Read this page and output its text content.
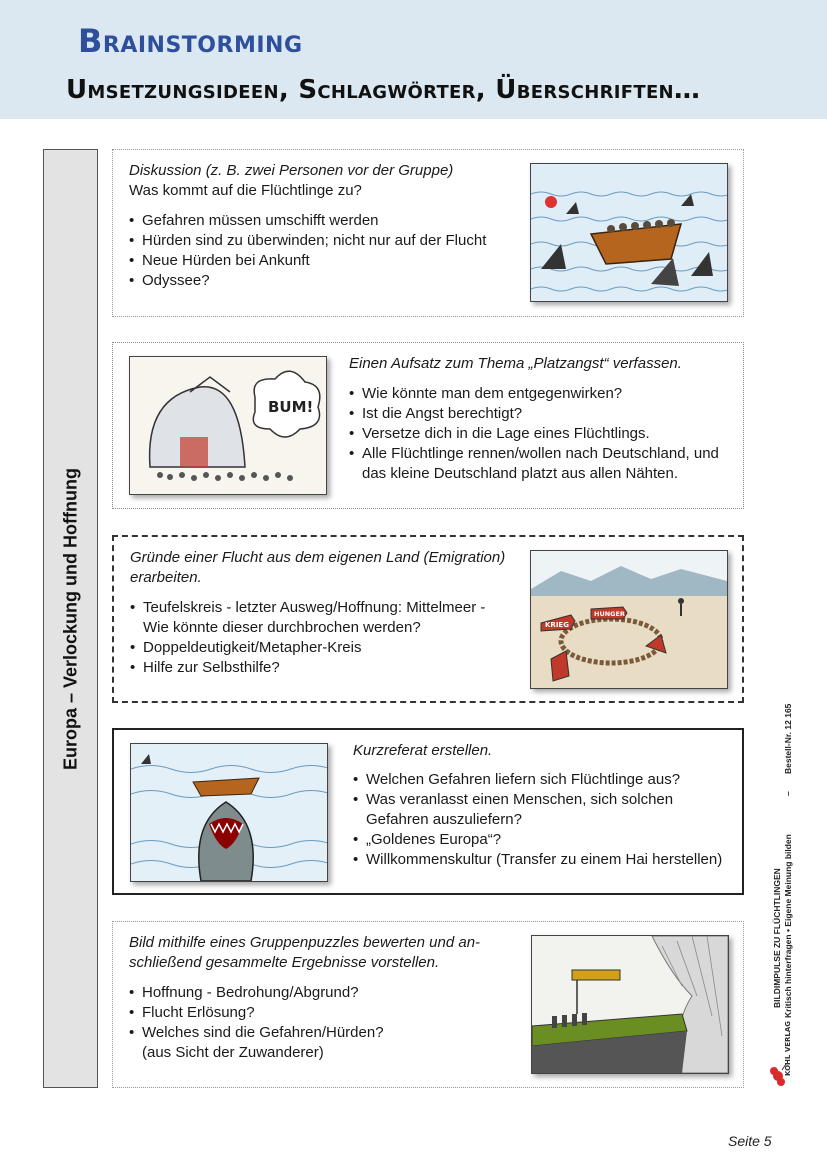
Brainstorming
Umsetzungsideen, Schlagwörter, Überschriften…
Europa – Verlockung und Hoffnung
Diskussion (z. B. zwei Personen vor der Gruppe)
Was kommt auf die Flüchtlinge zu?
• Gefahren müssen umschifft werden
• Hürden sind zu überwinden; nicht nur auf der Flucht
• Neue Hürden bei Ankunft
• Odyssee?
BUM!
Einen Aufsatz zum Thema „Platzangst“ verfassen.
• Wie könnte man dem entgegenwirken?
• Ist die Angst berechtigt?
• Versetze dich in die Lage eines Flüchtlings.
• Alle Flüchtlinge rennen/wollen nach Deutschland, und
das kleine Deutschland platzt aus allen Nähten.
Gründe einer Flucht aus dem eigenen Land (Emigration)
erarbeiten.
• Teufelskreis - letzter Ausweg/Hoffnung: Mittelmeer -
Wie könnte dieser durchbrochen werden?
• Doppeldeutigkeit/Metapher-Kreis
• Hilfe zur Selbsthilfe?
KRIEG
HUNGER
Kurzreferat erstellen.
• Welchen Gefahren liefern sich Flüchtlinge aus?
• Was veranlasst einen Menschen, sich solchen
Gefahren auszuliefern?
• „Goldenes Europa“?
• Willkommenskultur (Transfer zu einem Hai herstellen)
Bild mithilfe eines Gruppenpuzzles bewerten und an-
schließend gesammelte Ergebnisse vorstellen.
• Hoffnung - Bedrohung/Abgrund?
• Flucht Erlösung?
• Welches sind die Gefahren/Hürden?
(aus Sicht der Zuwanderer)
BILDIMPULSE ZU FLÜCHTLINGEN Kritisch hinterfragen • Eigene Meinung bilden
–
Bestell-Nr. 12 165
KOHL VERLAG
Seite 5
